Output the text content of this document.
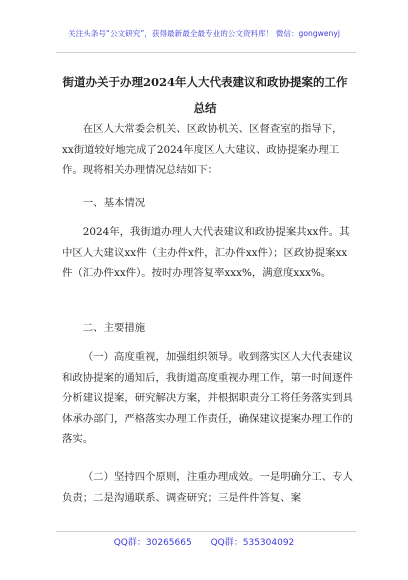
关注头条号“公文研究”，获得最新最全最专业的公文资料库！ 微信：gongwenyj
街道办关于办理2024年人大代表建议和政协提案的工作总结
在区人大常委会机关、区政协机关、区督查室的指导下，xx街道较好地完成了2024年度区人大建议、政协提案办理工作。现将相关办理情况总结如下：
一、基本情况
2024年，我街道办理人大代表建议和政协提案共xx件。其中区人大建议xx件（主办件x件，汇办件xx件）；区政协提案xx件（汇办件xx件）。按时办理答复率xxx%，满意度xxx%。
二、主要措施
（一）高度重视，加强组织领导。收到落实区人大代表建议和政协提案的通知后，我街道高度重视办理工作，第一时间逐件分析建议提案，研究解决方案，并根据职责分工将任务落实到具体承办部门，严格落实办理工作责任，确保建议提案办理工作的落实。
（二）坚持四个原则，注重办理成效。一是明确分工、专人负责；二是沟通联系、调查研究；三是件件答复、案
QQ群：30265665 QQ群：535304092
